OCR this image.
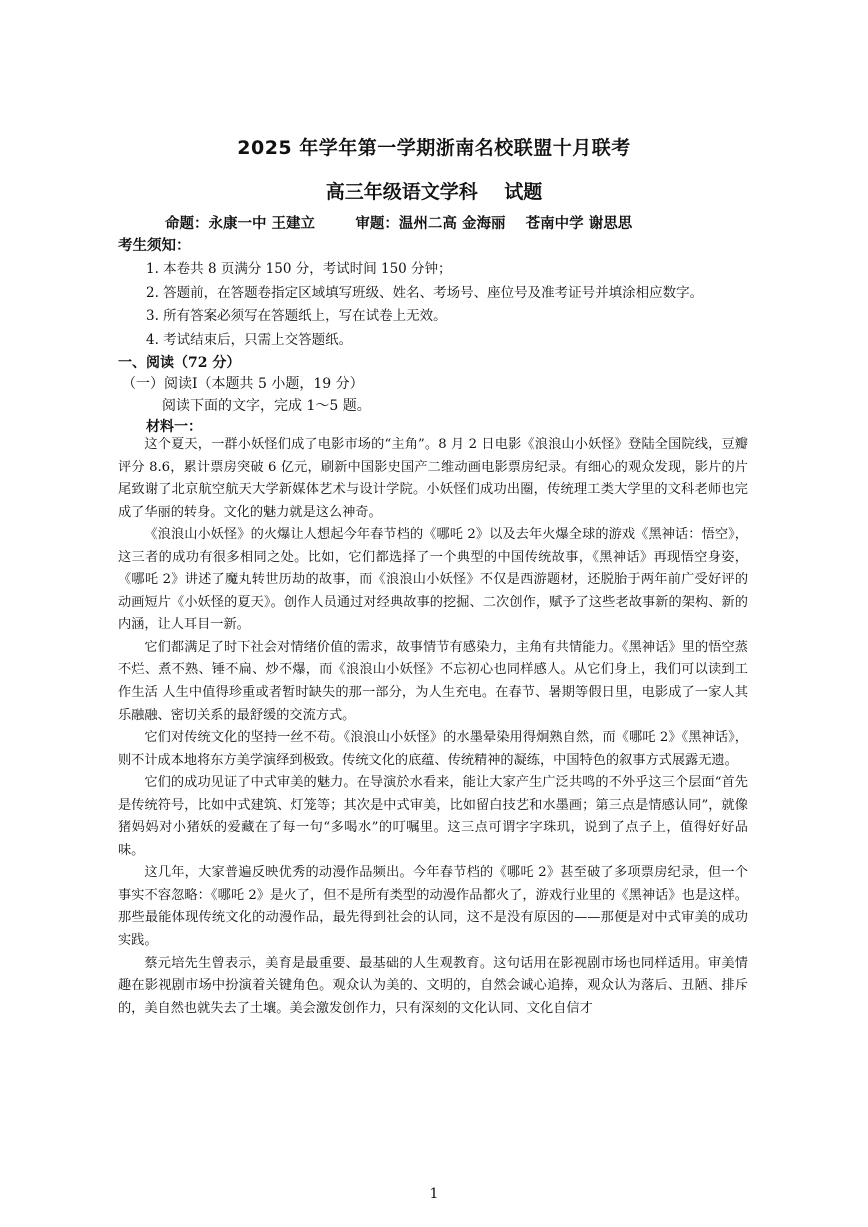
2025 年学年第一学期浙南名校联盟十月联考
高三年级语文学科    试题
命题：永康一中 王建立        审题：温州二高 金海丽    苍南中学 谢思思
考生须知：
1. 本卷共 8 页满分 150 分，考试时间 150 分钟；
2. 答题前，在答题卷指定区域填写班级、姓名、考场号、座位号及准考证号并填涂相应数字。
3. 所有答案必须写在答题纸上，写在试卷上无效。
4. 考试结束后，只需上交答题纸。
一、阅读（72 分）
（一）阅读Ⅰ（本题共 5 小题，19 分）
阅读下面的文字，完成 1～5 题。
材料一：

这个夏天，一群小妖怪们成了电影市场的“主角”。8 月 2 日电影《浪浪山小妖怪》登陆全国院线，豆瓣评分 8.6，累计票房突破 6 亿元，刷新中国影史国产二维动画电影票房纪录。有细心的观众发现，影片的片尾致谢了北京航空航天大学新媒体艺术与设计学院。小妖怪们成功出圈，传统理工类大学里的文科老师也完成了华丽的转身。文化的魅力就是这么神奇。

《浪浪山小妖怪》的火爆让人想起今年春节档的《哪吒 2》以及去年火爆全球的游戏《黑神话：悟空》，这三者的成功有很多相同之处。比如，它们都选择了一个典型的中国传统故事，《黑神话》再现悟空身姿，《哪吒 2》讲述了魔丸转世历劫的故事，而《浪浪山小妖怪》不仅是西游题材，还脱胎于两年前广受好评的动画短片《小妖怪的夏天》。创作人员通过对经典故事的挖掘、二次创作，赋予了这些老故事新的架构、新的内涵，让人耳目一新。

它们都满足了时下社会对情绪价值的需求，故事情节有感染力，主角有共情能力。《黑神话》里的悟空蒸不烂、煮不熟、锤不扁、炒不爆，而《浪浪山小妖怪》不忘初心也同样感人。从它们身上，我们可以读到工作生活 人生中值得珍重或者暂时缺失的那一部分，为人生充电。在春节、暑期等假日里，电影成了一家人其乐融融、密切关系的最舒缓的交流方式。

它们对传统文化的坚持一丝不苟。《浪浪山小妖怪》的水墨晕染用得炯熟自然，而《哪吒 2》《黑神话》，则不计成本地将东方美学演绎到极致。传统文化的底蕴、传统精神的凝练，中国特色的叙事方式展露无遗。

它们的成功见证了中式审美的魅力。在导演於水看来，能让大家产生广泛共鸣的不外乎这三个层面“首先是传统符号，比如中式建筑、灯笼等；其次是中式审美，比如留白技艺和水墨画；第三点是情感认同”，就像猪妈妈对小猪妖的爱藏在了每一句“多喝水”的叮嘱里。这三点可谓字字珠玑，说到了点子上，值得好好品味。

这几年，大家普遍反映优秀的动漫作品频出。今年春节档的《哪吒 2》甚至破了多项票房纪录，但一个事实不容忽略：《哪吒 2》是火了，但不是所有类型的动漫作品都火了，游戏行业里的《黑神话》也是这样。那些最能体现传统文化的动漫作品，最先得到社会的认同，这不是没有原因的——那便是对中式审美的成功实践。

蔡元培先生曾表示，美育是最重要、最基础的人生观教育。这句话用在影视剧市场也同样适用。审美情趣在影视剧市场中扮演着关键角色。观众认为美的、文明的，自然会诚心追捧，观众认为落后、丑陋、排斥的，美自然也就失去了土壤。美会激发创作力，只有深刻的文化认同、文化自信才

1
